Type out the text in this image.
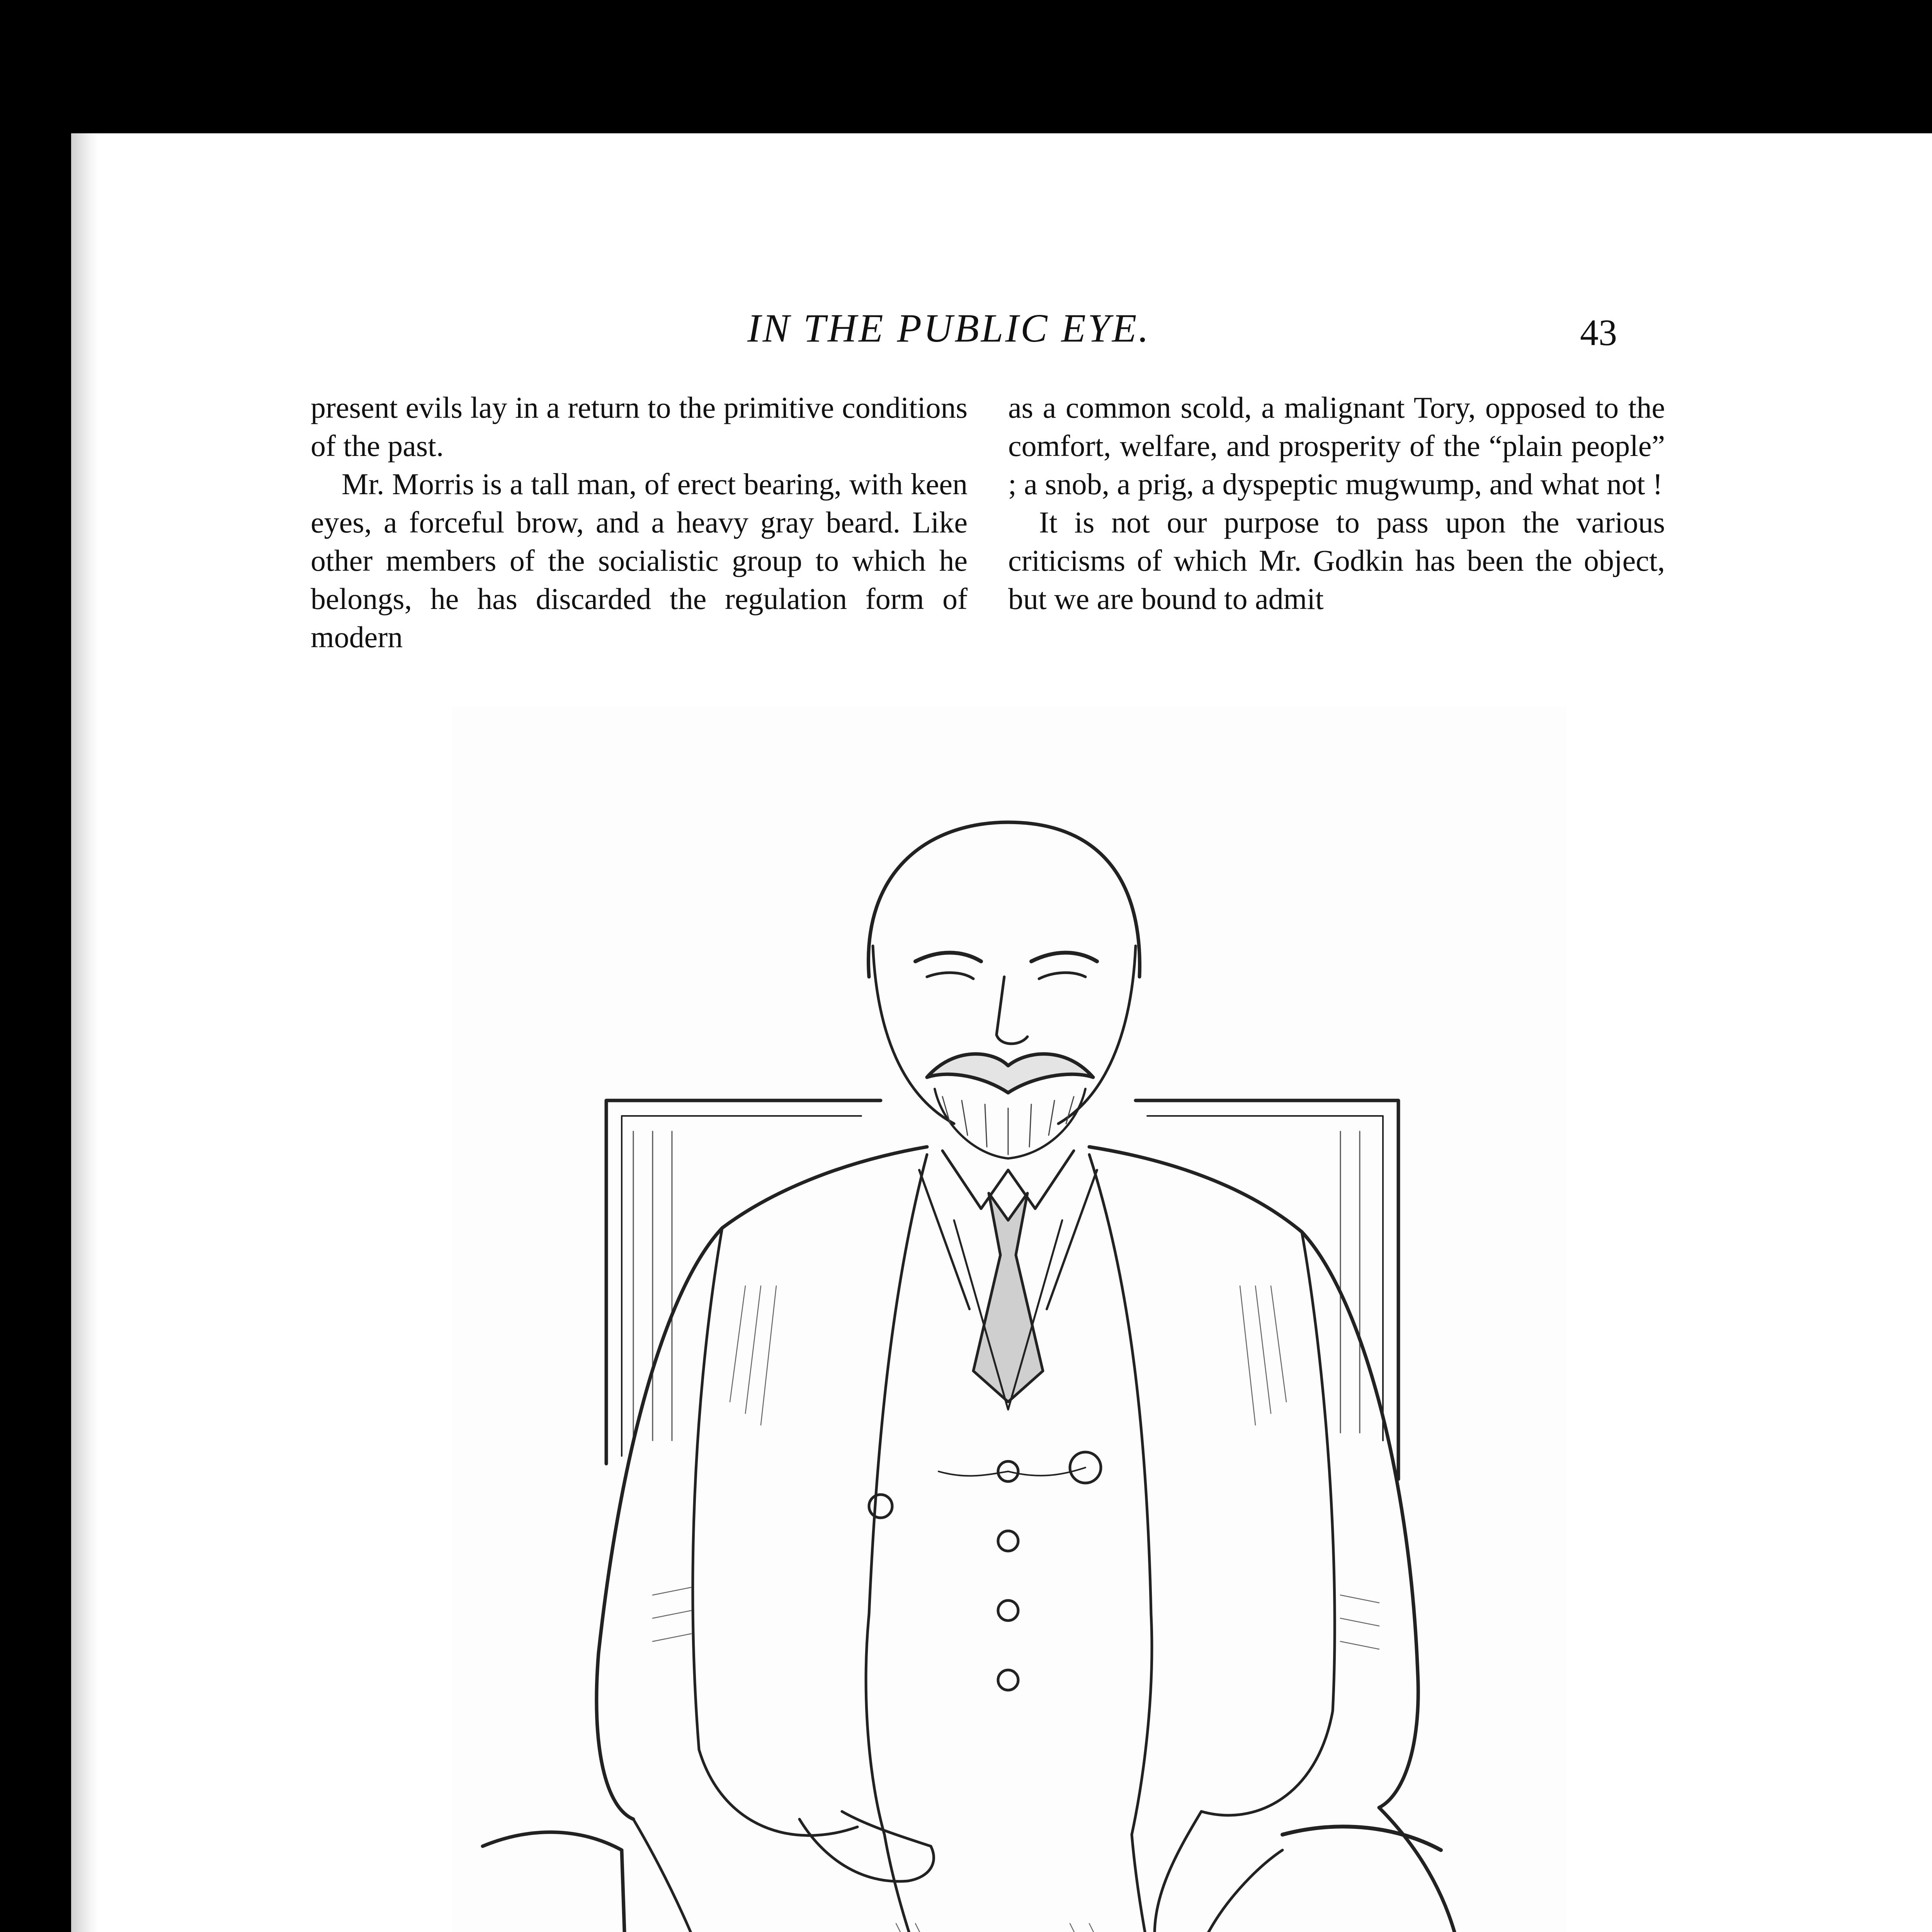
IN THE PUBLIC EYE.	43

present evils lay in a return to the primitive conditions of the past.

Mr. Morris is a tall man, of erect bearing, with keen eyes, a forceful brow, and a heavy gray beard. Like other members of the socialistic group to which he belongs, he has discarded the regulation form of modern

as a common scold, a malignant Tory, opposed to the comfort, welfare, and prosperity of the “plain people” ; a snob, a prig, a dyspeptic mugwump, and what not !

It is not our purpose to pass upon the various criticisms of which Mr. Godkin has been the object, but we are bound to admit
